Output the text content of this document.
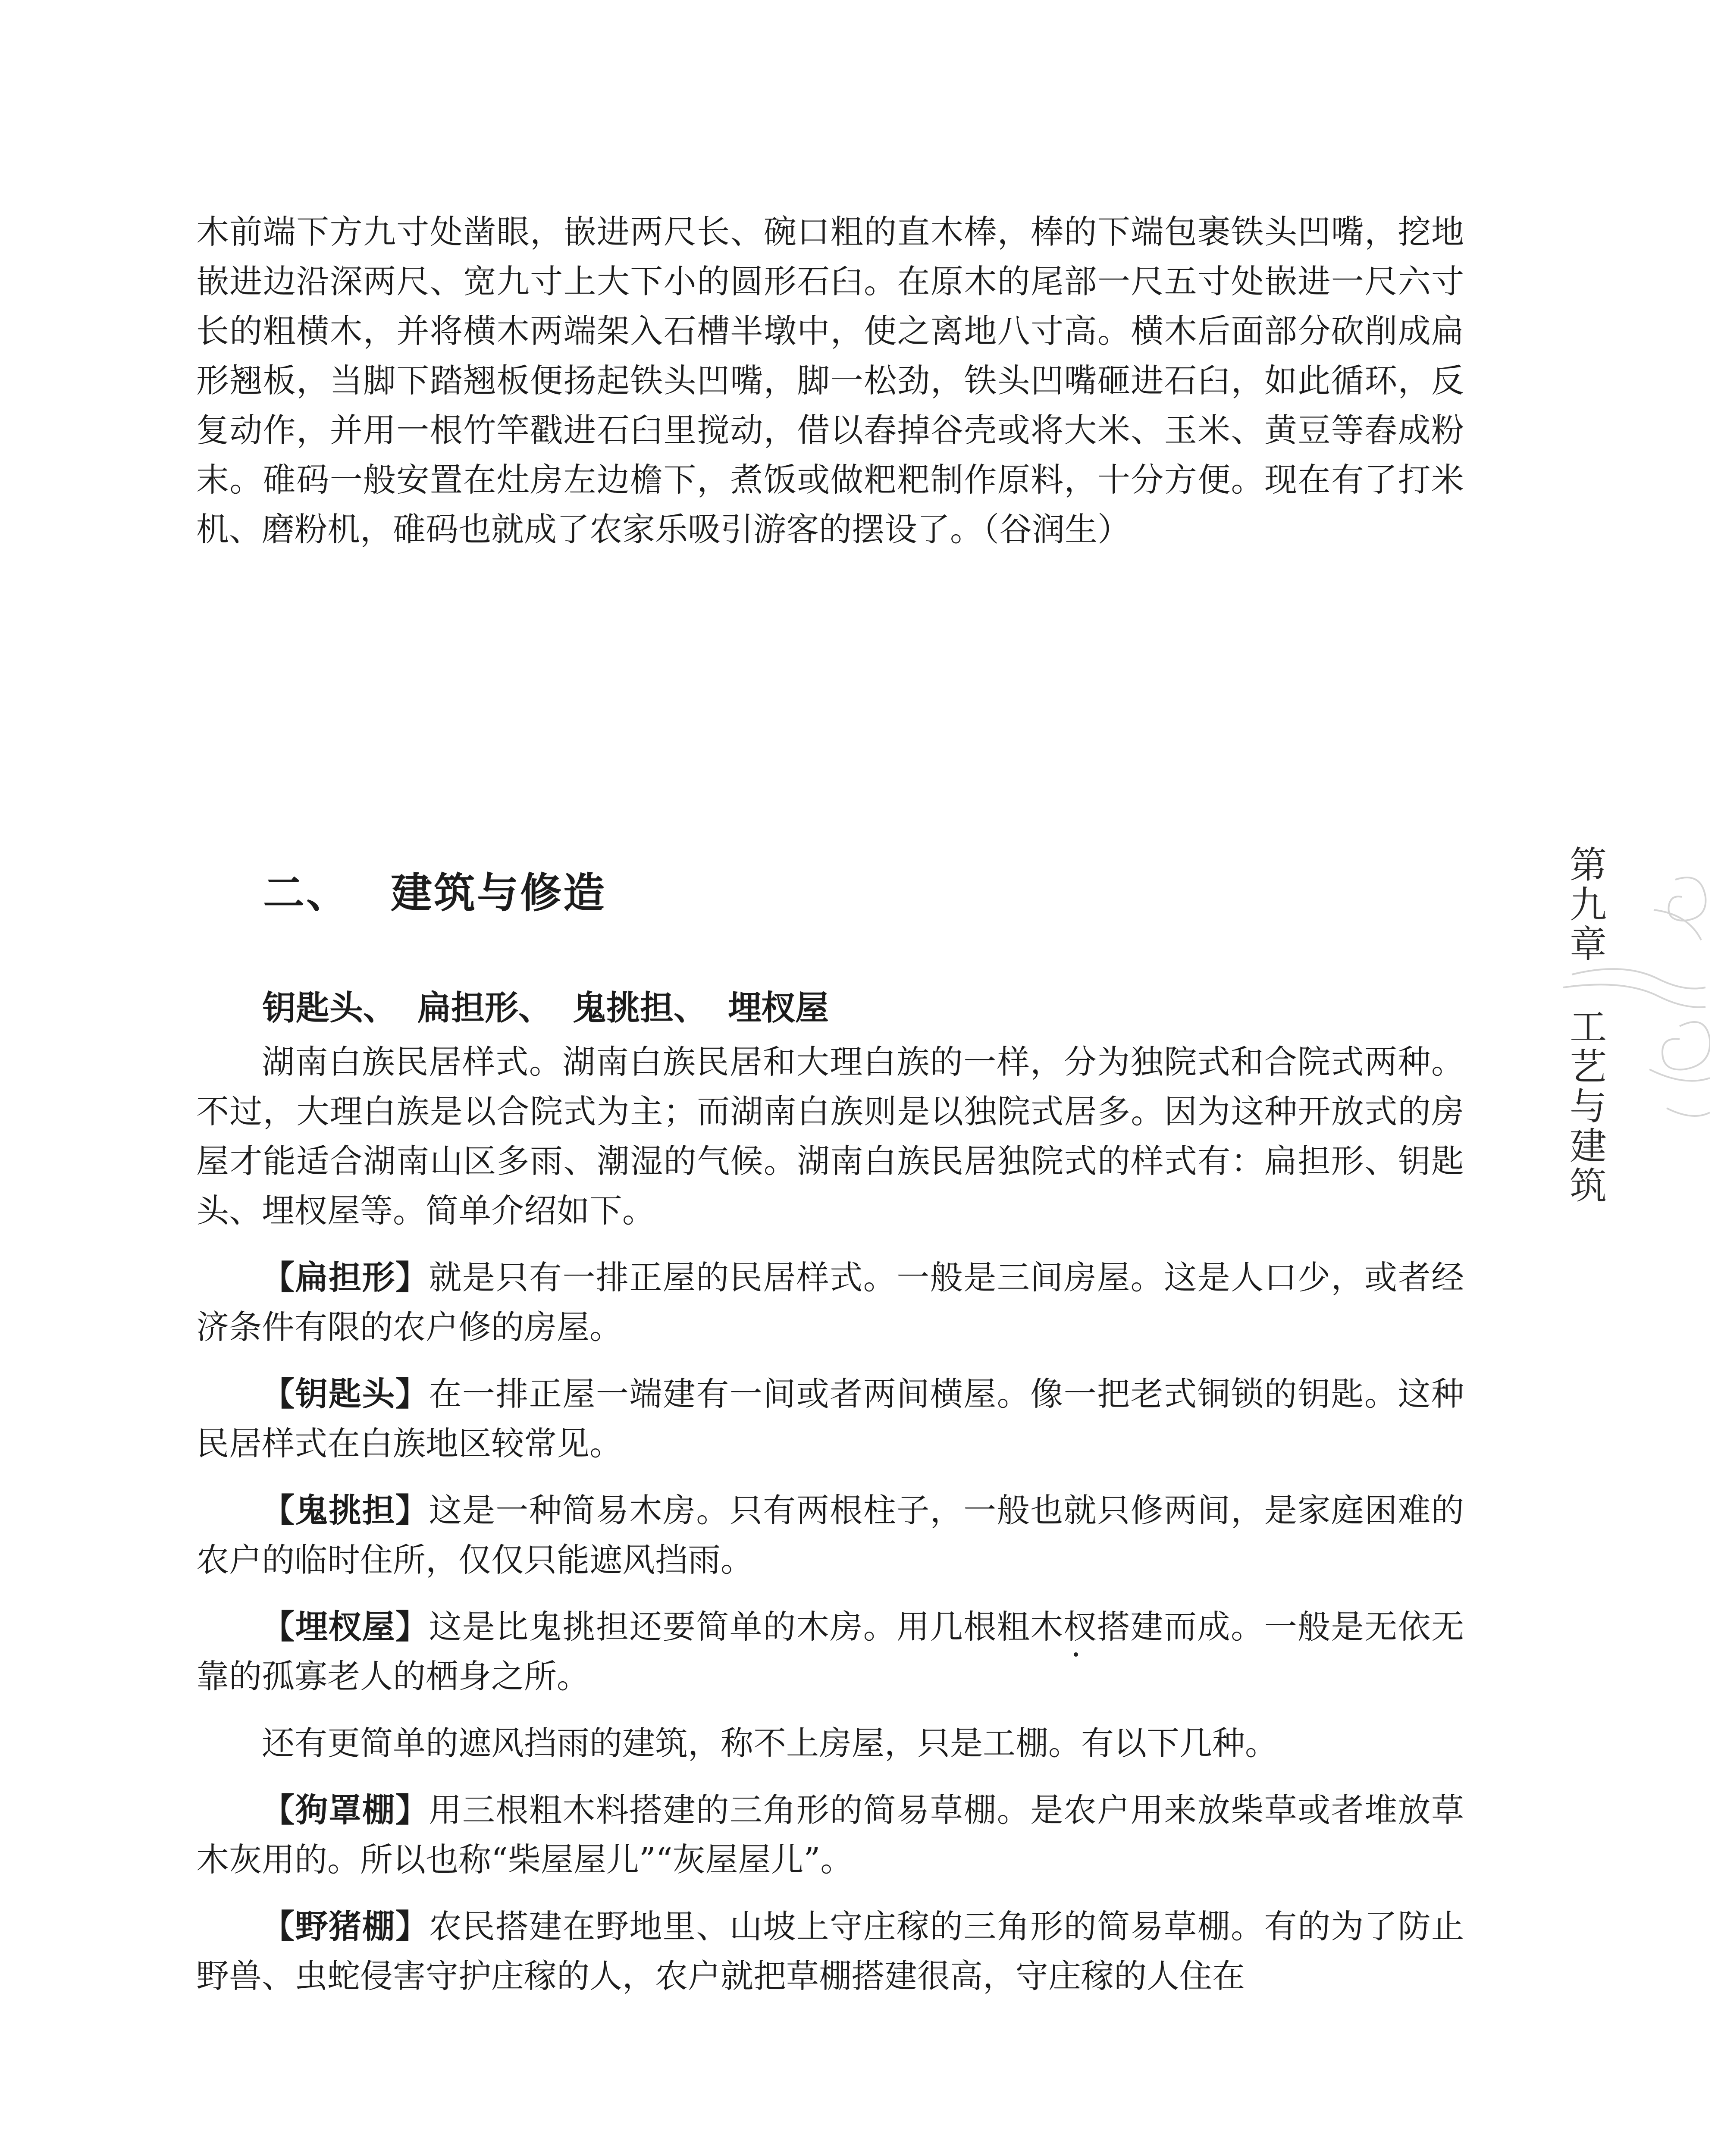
木前端下方九寸处凿眼，嵌进两尺长、碗口粗的直木棒，棒的下端包裹铁头凹嘴，挖地嵌进边沿深两尺、宽九寸上大下小的圆形石臼。在原木的尾部一尺五寸处嵌进一尺六寸长的粗横木，并将横木两端架入石槽半墩中，使之离地八寸高。横木后面部分砍削成扁形翘板，当脚下踏翘板便扬起铁头凹嘴，脚一松劲，铁头凹嘴砸进石臼，如此循环，反复动作，并用一根竹竿戳进石臼里搅动，借以舂掉谷壳或将大米、玉米、黄豆等舂成粉末。碓码一般安置在灶房左边檐下，煮饭或做粑粑制作原料，十分方便。现在有了打米机、磨粉机，碓码也就成了农家乐吸引游客的摆设了。（谷润生）

二、 建筑与修造
钥匙头、 扁担形、 鬼挑担、 埋杈屋

湖南白族民居样式。湖南白族民居和大理白族的一样，分为独院式和合院式两种。不过，大理白族是以合院式为主；而湖南白族则是以独院式居多。因为这种开放式的房屋才能适合湖南山区多雨、潮湿的气候。湖南白族民居独院式的样式有：扁担形、钥匙头、埋杈屋等。简单介绍如下。

【扁担形】就是只有一排正屋的民居样式。一般是三间房屋。这是人口少，或者经济条件有限的农户修的房屋。

【钥匙头】在一排正屋一端建有一间或者两间横屋。像一把老式铜锁的钥匙。这种民居样式在白族地区较常见。

【鬼挑担】这是一种简易木房。只有两根柱子，一般也就只修两间，是家庭困难的农户的临时住所，仅仅只能遮风挡雨。

【埋杈屋】这是比鬼挑担还要简单的木房。用几根粗木杈搭建而成。一般是无依无靠的孤寡老人的栖身之所。

还有更简单的遮风挡雨的建筑，称不上房屋，只是工棚。有以下几种。

【狗罩棚】用三根粗木料搭建的三角形的简易草棚。是农户用来放柴草或者堆放草木灰用的。所以也称“柴屋屋儿”“灰屋屋儿”。

【野猪棚】农民搭建在野地里、山坡上守庄稼的三角形的简易草棚。有的为了防止野兽、虫蛇侵害守护庄稼的人，农户就把草棚搭建很高，守庄稼的人住在

第九章工艺与建筑
